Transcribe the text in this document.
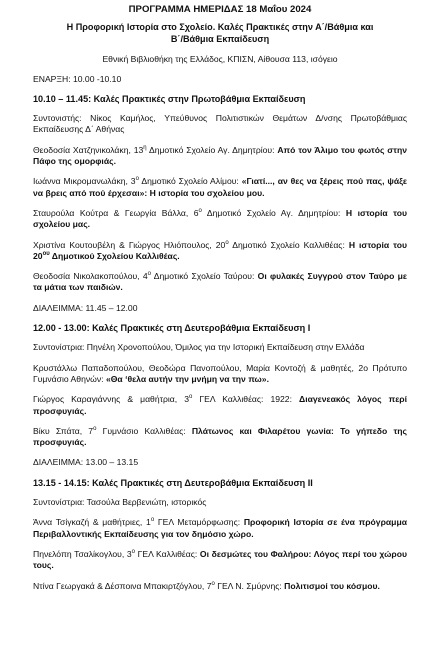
ΠΡΟΓΡΑΜΜΑ ΗΜΕΡΙΔΑΣ 18 Μαΐου 2024

Η Προφορική Ιστορία στο Σχολείο. Καλές Πρακτικές στην Α΄/Βάθμια και
Β΄/Βάθμια Εκπαίδευση

Εθνική Βιβλιοθήκη της Ελλάδος, ΚΠΙΣΝ, Αίθουσα 113, ισόγειο

ΕΝΑΡΞΗ: 10.00 -10.10

10.10 – 11.45: Καλές Πρακτικές στην Πρωτοβάθμια Εκπαίδευση

Συντονιστής: Νίκος Καμήλος, Υπεύθυνος Πολιτιστικών Θεμάτων Δ/νσης Πρωτοβάθμιας Εκπαίδευσης Δ΄ Αθήνας

Θεοδοσία Χατζηνικολάκη, $13^\eta$ Δημοτικό Σχολείο Αγ. Δημητρίου: Από τον Άλιμο του φωτός στην Πάφο της ομορφιάς.

Ιωάννα Μικρομανωλάκη, $3^o$ Δημοτικό Σχολείο Αλίμου: «Γιατί..., αν θες να ξέρεις πού πας, ψάξε να βρεις από πού έρχεσαι»: Η ιστορία του σχολείου μου.

Σταυρούλα Κούτρα & Γεωργία Βάλλα, $6^o$ Δημοτικό Σχολείο Αγ. Δημητρίου: Η ιστορία του σχολείου μας.

Χριστίνα Κουτουβέλη & Γιώργος Ηλιόπουλος, $20^o$ Δημοτικό Σχολείο Καλλιθέας: Η ιστορία του $20^{o\upsilon}$ Δημοτικού Σχολείου Καλλιθέας.

Θεοδοσία Νικολακοπούλου, $4^o$ Δημοτικό Σχολείο Ταύρου: Οι φυλακές Συγγρού στον Ταύρο με τα μάτια των παιδιών.

ΔΙΑΛΕΙΜΜΑ: 11.45 – 12.00

12.00 - 13.00: Καλές Πρακτικές στη Δευτεροβάθμια Εκπαίδευση Ι

Συντονίστρια: Πηνέλη Χρονοπούλου, Όμιλος για την Ιστορική Εκπαίδευση στην Ελλάδα

Κρυστάλλω Παπαδοπούλου, Θεοδώρα Πανοπούλου, Μαρία Κοντοζή & μαθητές, 2ο Πρότυπο Γυμνάσιο Αθηνών: «Θα ‘θελα αυτήν την μνήμη να την πω».

Γιώργος Καραγιάννης & μαθήτρια, $3^o$ ΓΕΛ Καλλιθέας: 1922: Διαγενεακός λόγος περί προσφυγιάς.

Βίκυ Σπάτα, $7^o$ Γυμνάσιο Καλλιθέας: Πλάτωνος και Φιλαρέτου γωνία: Το γήπεδο της προσφυγιάς.

ΔΙΑΛΕΙΜΜΑ: 13.00 – 13.15

13.15 - 14.15: Καλές Πρακτικές στη Δευτεροβάθμια Εκπαίδευση ΙΙ

Συντονίστρια: Τασούλα Βερβενιώτη, ιστορικός

Άννα Τσίγκαζή & μαθήτριες, $1^o$ ΓΕΛ Μεταμόρφωσης: Προφορική Ιστορία σε ένα πρόγραμμα Περιβαλλοντικής Εκπαίδευσης για τον δημόσιο χώρο.

Πηνελόπη Τσαλίκογλου, $3^o$ ΓΕΛ Καλλιθέας: Οι δεσμώτες του Φαλήρου: Λόγος περί του χώρου τους.

Ντίνα Γεωργακά & Δέσποινα Μπακιρτζόγλου, $7^o$ ΓΕΛ Ν. Σμύρνης: Πολιτισμοί του κόσμου.
